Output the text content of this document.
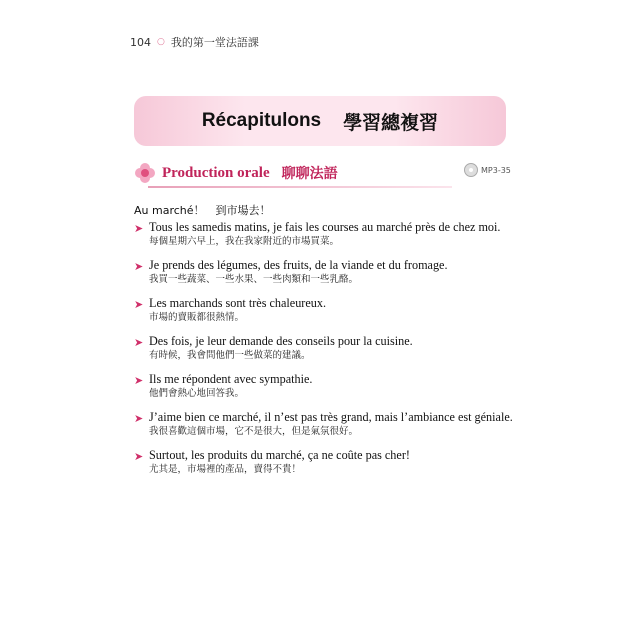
104 ○ 我的第一堂法語課
Récapitulons 學習總複習
Production orale 聊聊法語	MP3-35
Au marché！　到市場去！
➤ Tous les samedis matins, je fais les courses au marché près de chez moi.
每個星期六早上，我在我家附近的市場買菜。
➤ Je prends des légumes, des fruits, de la viande et du fromage.
我買一些蔬菜、一些水果、一些肉類和一些乳酪。
➤ Les marchands sont très chaleureux.
市場的賣販都很熱情。
➤ Des fois, je leur demande des conseils pour la cuisine.
有時候，我會問他們一些做菜的建議。
➤ Ils me répondent avec sympathie.
他們會熱心地回答我。
➤ J’aime bien ce marché, il n’est pas très grand, mais l’ambiance est géniale.
我很喜歡這個市場，它不是很大，但是氣氛很好。
➤ Surtout, les produits du marché, ça ne coûte pas cher!
尤其是，市場裡的產品，賣得不貴！
